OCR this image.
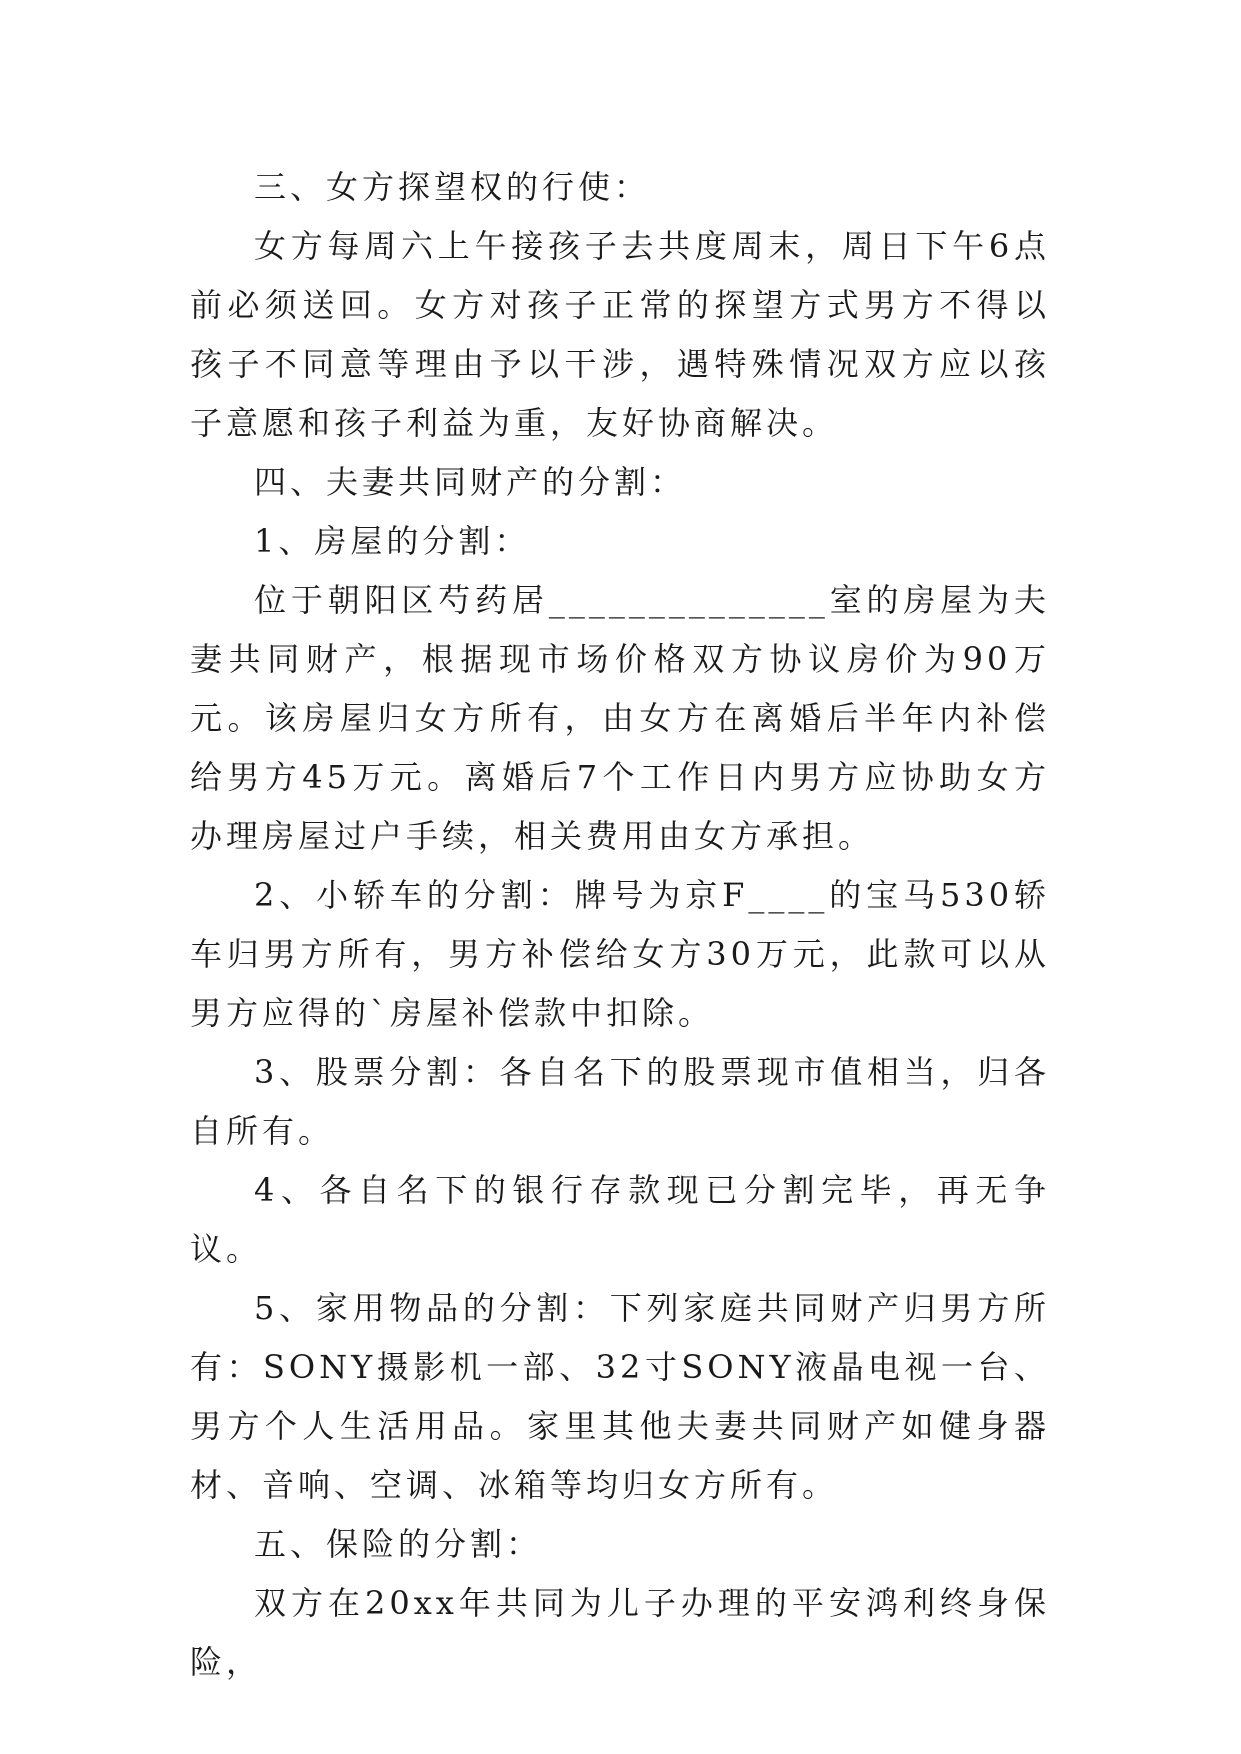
三、女方探望权的行使：

女方每周六上午接孩子去共度周末，周日下午6点前必须送回。女方对孩子正常的探望方式男方不得以孩子不同意等理由予以干涉，遇特殊情况双方应以孩子意愿和孩子利益为重，友好协商解决。

四、夫妻共同财产的分割：

1、房屋的分割：

位于朝阳区芍药居______________室的房屋为夫妻共同财产，根据现市场价格双方协议房价为90万元。该房屋归女方所有，由女方在离婚后半年内补偿给男方45万元。离婚后7个工作日内男方应协助女方办理房屋过户手续，相关费用由女方承担。

2、小轿车的分割：牌号为京F____的宝马530轿车归男方所有，男方补偿给女方30万元，此款可以从男方应得的`房屋补偿款中扣除。

3、股票分割：各自名下的股票现市值相当，归各自所有。

4、各自名下的银行存款现已分割完毕，再无争议。

5、家用物品的分割：下列家庭共同财产归男方所有：SONY摄影机一部、32寸SONY液晶电视一台、男方个人生活用品。家里其他夫妻共同财产如健身器材、音响、空调、冰箱等均归女方所有。

五、保险的分割：

双方在20xx年共同为儿子办理的平安鸿利终身保险，
